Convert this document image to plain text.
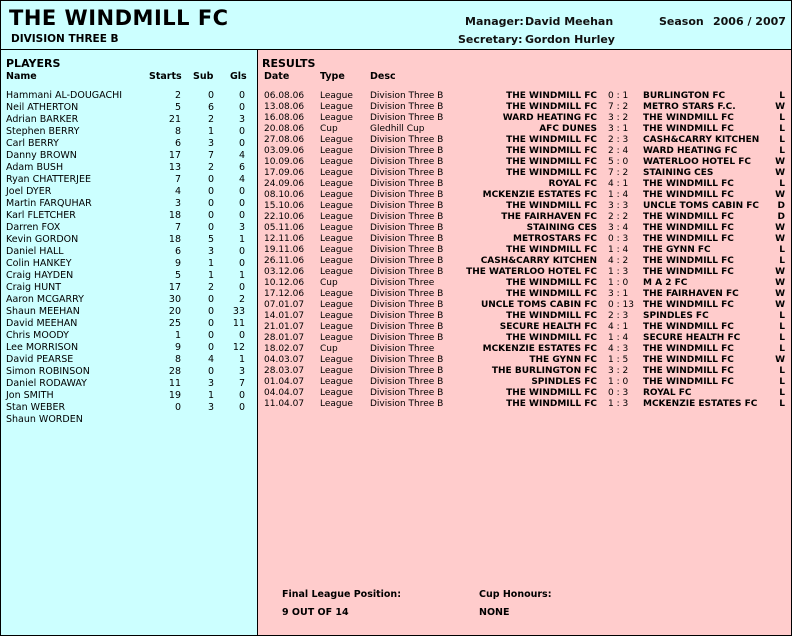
THE WINDMILL FC
DIVISION THREE B
Manager: David Meehan
Secretary: Gordon Hurley
Season 2006 / 2007
PLAYERS
Name	Starts Sub Gls
Hammani AL-DOUGACHI	2	0	0
Neil ATHERTON	5	6	0
Adrian BARKER	21	2	3
Stephen BERRY	8	1	0
Carl BERRY	6	3	0
Danny BROWN	17	7	4
Adam BUSH	13	2	6
Ryan CHATTERJEE	7	0	4
Joel DYER	4	0	0
Martin FARQUHAR	3	0	0
Karl FLETCHER	18	0	0
Darren FOX	7	0	3
Kevin GORDON	18	5	1
Daniel HALL	6	3	0
Colin HANKEY	9	1	0
Craig HAYDEN	5	1	1
Craig HUNT	17	2	0
Aaron MCGARRY	30	0	2
Shaun MEEHAN	20	0 33
David MEEHAN	25	0 11
Chris MOODY	1	0	0
Lee MORRISON	9	0 12
David PEARSE	8	4	1
Simon ROBINSON	28	0	3
Daniel RODAWAY	11	3	7
Jon SMITH	19	1	0
Stan WEBER	0	3	0
Shaun WORDEN
RESULTS
Date	Type	Desc
06.08.06 League Division Three B	THE WINDMILL FC 0 : 1 BURLINGTON FC	L
13.08.06 League Division Three B	THE WINDMILL FC 7 : 2 METRO STARS F.C.	W
16.08.06 League Division Three B	WARD HEATING FC 3 : 2 THE WINDMILL FC	L
20.08.06 Cup	Gledhill Cup	AFC DUNES 3 : 1 THE WINDMILL FC	L
27.08.06 League Division Three B	THE WINDMILL FC 2 : 3 CASH&CARRY KITCHEN L
03.09.06 League Division Three B	THE WINDMILL FC 2 : 4 WARD HEATING FC	L
10.09.06 League Division Three B	THE WINDMILL FC 5 : 0 WATERLOO HOTEL FC	W
17.09.06 League Division Three B	THE WINDMILL FC 7 : 2 STAINING CES	W
24.09.06 League Division Three B	ROYAL FC 4 : 1 THE WINDMILL FC	L
08.10.06 League Division Three B	MCKENZIE ESTATES FC 1 : 4 THE WINDMILL FC	W
15.10.06 League Division Three B	THE WINDMILL FC 3 : 3 UNCLE TOMS CABIN FC D
22.10.06 League Division Three B	THE FAIRHAVEN FC 2 : 2 THE WINDMILL FC	D
05.11.06 League Division Three B	STAINING CES 3 : 4 THE WINDMILL FC	W
12.11.06 League Division Three B	METROSTARS FC 0 : 3 THE WINDMILL FC	W
19.11.06 League Division Three B	THE WINDMILL FC 1 : 4 THE GYNN FC	L
26.11.06 League Division Three B	CASH&CARRY KITCHEN 4 : 2 THE WINDMILL FC	L
03.12.06 League Division Three B	THE WATERLOO HOTEL FC 1 : 3 THE WINDMILL FC	W
10.12.06 Cup	Division Three	THE WINDMILL FC 1 : 0 M A 2 FC	W
17.12.06 League Division Three B	THE WINDMILL FC 3 : 1 THE FAIRHAVEN FC	W
07.01.07 League Division Three B	UNCLE TOMS CABIN FC 0 : 13 THE WINDMILL FC	W
14.01.07 League Division Three B	THE WINDMILL FC 2 : 3 SPINDLES FC	L
21.01.07 League Division Three B	SECURE HEALTH FC 4 : 1 THE WINDMILL FC	L
28.01.07 League Division Three B	THE WINDMILL FC 1 : 4 SECURE HEALTH FC	L
18.02.07 Cup	Division Three	MCKENZIE ESTATES FC 4 : 3 THE WINDMILL FC	L
04.03.07 League Division Three B	THE GYNN FC 1 : 5 THE WINDMILL FC	W
28.03.07 League Division Three B	THE BURLINGTON FC 3 : 2 THE WINDMILL FC	L
01.04.07 League Division Three B	SPINDLES FC 1 : 0 THE WINDMILL FC	L
04.04.07 League Division Three B	THE WINDMILL FC 0 : 3 ROYAL FC	L
11.04.07 League Division Three B	THE WINDMILL FC 1 : 3 MCKENZIE ESTATES FC L
Final League Position:
9 OUT OF 14
Cup Honours:
NONE
